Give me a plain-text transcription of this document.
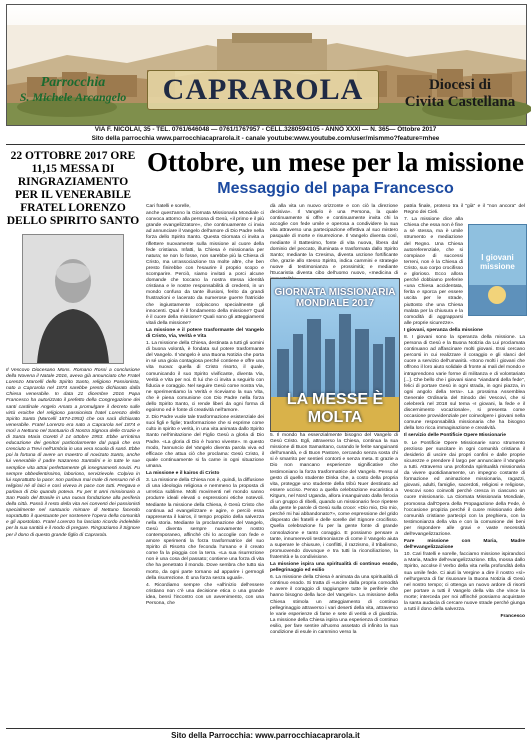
Parrocchia
S. Michele Arcangelo	CAPRAROLA	Diocesi di
Civita Castellana
VIA F. NICOLAI, 35 - TEL. 0761/646048 — 0761/1767957 - CELL.3280594105 - ANNO XXXI — N. 365— Ottobre 2017
Sito della parrocchia www.parrocchiacaprarola.it - canale youtube:www.youtube.com/user/mismmo?feature=mhee
22 OTTOBRE 2017 ORE 11,15 MESSA DI RINGRAZIAMENTO PER IL VENERABILE FRATEL LORENZO DELLO SPIRITO SANTO
Il Vescovo Diocesano Mons. Romano Rossi a conclusione della Novena il Natale 2016, aveva già annunciato che Fratel Lorenzo Marcelli dello Spirito Santo, religioso Passionista, nato a Caprarola nel 1874 sarebbe presto dichiarato dalla Chiesa venerabile. In data 21 dicembre 2016 Papa Francesco ha autorizzato il prefetto della Congregazione dei santi cardinale Angelo Amato a promulgare il decreto sulle virtù eroiche del religioso passionista fratel Lorenzo dello Spirito Santo (Marcelli 1874-1953) che ora sarà dichiarato venerabile. Fratel Lorenzo era nato a Caprarola nel 1874 e morì a Nettuno nel Santuario di Nostra Signora delle Grazie e di Santa Maria Goretti il 14 ottobre 1953. Ebbe un'intima educazione dei genitori particolarmente dal papà che era cresciuto a Trevi nell'Umbria in una vera scuola di santi. Ebbe poi la fortuna di avere un maestro di novizato Santo, anche lui venerabile il padre Nazareno Santolini e in tutte le sue semplice vita attrai perfettamente gli insegnamenti novizi. Fu sempre obbedientissimo, laborioso, servizievole. Colpiva in lui soprattutto la pace: non parlava mai male di nessuno né di religiosi né di laici e così viveva in pace con tutti. Pregava e parlava di Dio quando poteva. Fu per 8 anni missionario a San Paolo del Brasile in una nuova fondazione alla periferia della città. Passò il resto della vita nei conventi dei passionisti specialmente nel santuario mimare di Nettuno facendo soprattutto il questuante per sostenere l'opera della comunità e gli apostolato. Fratel Lorenzo ha lasciato ricordo indelebile per la sua santità e il modo di pregare. Ringraziamo il Signore per il dono di questo grande figlio di Caprarola.
Ottobre, un mese per la missione
Messaggio del papa Francesco

Cari fratelli e sorelle,

anche quest'anno la Giornata Missionaria Mondiale ci convoca attorno alla persona di Gesù, «il primo e il più grande evangelizzatore», che continuamente ci invia ad annunciare il Vangelo dell'amore di Dio Padre nella forza dello Spirito Santo. Questa Giornata ci invita a riflettere nuovamente sulla missione al cuore della fede cristiana. Infatti, la Chiesa è missionaria per natura; se non lo fosse, non sarebbe più la Chiesa di Cristo, ma un'associazione tra molte altre, che ben presto finirebbe con l'esaurire il proprio scopo e scomparire. Perciò, siamo invitati a porci alcune domande che toccano la nostra stessa identità cristiana e le nostre responsabilità di credenti, in un mondo confuso da tante illusioni, ferito da grandi frustrazioni e lacerato da numerose guerre fratricide che ingiustamente colpiscono specialmente gli innocenti. Qual è il fondamento della missione? Qual è il cuore della missione? Quali sono gli atteggiamenti vitali della missione?

La missione e il potere trasformante del Vangelo di Cristo, Via, Verità e Vita

1. La missione della Chiesa, destinata a tutti gli uomini di buona volontà, è fondata sul potere trasformante del Vangelo. Il Vangelo è una Buona Notizia che porta in sé una gioia contagiosa perché contiene e offre una vita nuova: quella di Cristo risorto, il quale, comunicando il suo Spirito vivificante, diventa Via, Verità e Vita per noi. È lui che ci invita a seguirlo con fiducia e coraggio. Nel seguire Gesù come nostra Via, ne sperimentiamo la Verità e riceviamo la sua Vita, che è piena comunione con Dio Padre nella forza dello Spirito Santo, ci rende liberi da ogni forma di egoismo ed è fonte di creatività nell'amore.

2. Dio Padre vuole tale trasformazione esistenziale dei suoi figli e figlie; trasformazione che si esprime come culto in spirito e verità, in una vita animata dallo Spirito Santo nell'imitazione del Figlio Gesù a gloria di Dio Padre. «La gloria di Dio è l'uomo vivente». In questo modo, l'annuncio del Vangelo diventa parola viva ed efficace che attua ciò che proclama: Gesù Cristo, il quale continuamente si fa carne in ogni situazione umana.

La missione e il kairos di Cristo

3. La missione della Chiesa non è, quindi, la diffusione di una ideologia religiosa e nemmeno la proposta di un'etica sublime. Molti movimenti nel mondo sanno produrre ideali elevati o espressioni etiche notevoli. Mediante la missione della Chiesa, è Gesù Cristo che continua ad evangelizzare e agire, e perciò essa rappresenta il kairos, il tempo propizio della salvezza nella storia. Mediante la proclamazione del Vangelo, Gesù diventa sempre nuovamente nostro contemporaneo, affinché chi lo accoglie con fede e amore sperimenti la forza trasformatrice del suo Spirito di Risorto che feconda l'umano e il creato come fa la pioggia con la terra. «La sua risurrezione non è una cosa del passato; contiene una forza di vita che ha penetrato il mondo. Dove sembra che tutto sia morto, da ogni parte tornano ad apparire i germogli della risurrezione. È una forza senza uguali».

4. Ricordiamo sempre che «all'inizio dell'essere cristiano non c'è una decisione etica o una grande idea, bensì l'incontro con un avvenimento, con una Persona, che

dà alla vita un nuovo orizzonte e con ciò la direzione decisiva». Il Vangelo è una Persona, la quale continuamente si offre e continuamente invita chi la accoglie con fede umile e operosa a condividere la sua vita attraverso una partecipazione effettiva al suo mistero pasquale di morte e risurrezione. Il Vangelo diventa così, mediante il Battesimo, fonte di vita nuova, libera dal dominio del peccato, illuminata e trasformata dallo Spirito Santo; mediante la Cresima, diventa unzione fortificante che, grazie allo stesso Spirito, indica cammini e strategie nuove di testimonianza e prossimità; e mediante l'Eucaristia diventa cibo dell'uomo nuovo, «medicina di

5. Il mondo ha essenzialmente bisogno del Vangelo di Gesù Cristo. Egli, attraverso la Chiesa, continua la sua missione di Buon Samaritano, curando le ferite sanguinanti dell'umanità, e di Buon Pastore, cercando senza sosta chi si è smarrito per sentieri contorti e senza meta. E grazie a Dio non mancano esperienze significative che testimoniano la forza trasformatrice del Vangelo. Penso al gesto di quello studente Dinka che, a costo della propria vita, protegge uno studente della tribù Nuer destinato ad essere ucciso. Penso a quella celebrazione eucaristica a Kitgum, nel Nord Uganda, allora insanguinato dalla ferocia di un gruppo di ribelli, quando un missionario fece ripetere alla gente le parole di Gesù sulla croce: «Dio mio, Dio mio, perché mi hai abbandonato?», come espressione del grido disperato dei fratelli e delle sorelle del Signore crocifisso. Quella celebrazione fu per la gente fonte di grande consolazione e tanto coraggio. E possiamo pensare a tante, innumerevoli testimonianze di come il Vangelo aiuta a superare le chiusure, i conflitti, il razzismo, il tribalismo, promuovendo dovunque e tra tutti la riconciliazione, la fraternità e la condivisione.

La missione ispira una spiritualità di continuo esodo, pellegrinaggio ed esilio

6. La missione della Chiesa è animata da una spiritualità di continuo esodo. Si tratta di «uscire dalla propria comodità e avere il coraggio di raggiungere tutte le periferie che hanno bisogno della luce del Vangelo». La missione della Chiesa stimola un atteggiamento di continuo pellegrinaggio attraverso i vari deserti della vita, attraverso le varie esperienze di fame e sete di verità e di giustizia. La missione della Chiesa ispira una esperienza di continuo esilio, per fare sentire all'uomo assetato di infinito la sua condizione di esule in cammino verso la

GIORNATA MISSIONARIA MONDIALE 2017
LA MESSE È MOLTA

patria finale, proteso tra il "già" e il "non ancora" del Regno dei Cieli.

7. La missione dice alla Chiesa che essa non è fine a sé stessa, ma è umile strumento e mediazione del Regno. Una Chiesa autoreferenziale, che si compiace di successi terreni, non è la Chiesa di Cristo, suo corpo crocifisso e glorioso. Ecco allora perché dobbiamo preferire «una Chiesa accidentata, ferita e sporca per essere uscita per le strade, piuttosto che una Chiesa malata per la chiusura e la comodità di aggrapparsi alle proprie sicurezze».

I giovani, speranza della missione

8. I giovani sono la speranza della missione. La persona di Gesù e la Buona Notizia da Lui proclamata continuano ad affascinare molti giovani. Essi cercano percorsi in cui realizzare il coraggio e gli slanci del cuore a servizio dell'umanità. «Sono molti i giovani che offrono il loro aiuto solidale di fronte ai mali del mondo e intraprendono varie forme di militanza e di volontariato [...]. Che bello che i giovani siano "viandanti della fede", felici di portare Gesù in ogni strada, in ogni piazza, in ogni angolo della terra». La prossima Assemblea Generale Ordinaria del Sinodo dei Vescovi, che si celebrerà nel 2018 sul tema «I giovani, la fede e il discernimento vocazionale», si presenta come occasione provvidenziale per coinvolgere i giovani nella comune responsabilità missionaria che ha bisogno della loro ricca immaginazione e creatività.

Il servizio delle Pontificie Opere Missionarie

9. Le Pontificie Opere Missionarie sono strumento prezioso per suscitare in ogni comunità cristiana il desiderio di uscire dai propri confini e dalle proprie sicurezze e prendere il largo per annunciare il Vangelo a tutti. Attraverso una profonda spiritualità missionaria da vivere quotidianamente, un impegno costante di formazione ed animazione missionaria, ragazzi, giovani, adulti, famiglie, sacerdoti, religiosi e religiose, Vescovi sono coinvolti perché cresca in ciascuno un cuore missionario. La Giornata Missionaria Mondiale, promossa dall'Opera della Propagazione della Fede, è l'occasione propizia perché il cuore missionario delle comunità cristiane partecipi con la preghiera, con la testimonianza della vita e con la comunione dei beni per rispondere alle gravi e vaste necessità dell'evangelizzazione.

Fare missione con Maria, Madre dell'evangelizzazione

10. Cari fratelli e sorelle, facciamo missione ispirandoci a Maria, Madre dell'evangelizzazione. Ella, mossa dallo Spirito, accolse il Verbo della vita nella profondità della sua umile fede. Ci aiuti la Vergine a dire il nostro «sì» nell'urgenza di far risuonare la Buona Notizia di Gesù nel nostro tempo; ci ottenga un nuovo ardore di risorti per portare a tutti il Vangelo della vita che vince la morte; interceda per noi affinché possiamo acquistare la santa audacia di cercare nuove strade perché giunga a tutti il dono della salvezza.

Francesco

I giovani missione
Sito della Parrocchia: www.parrocchiacaprarola.it
